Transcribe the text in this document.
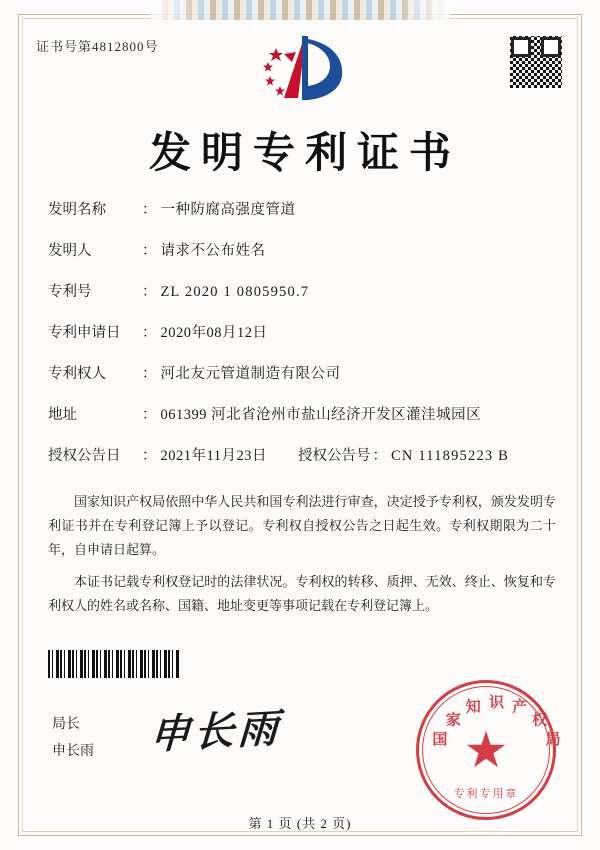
证书号第4812800号
发明专利证书
发明名称	： 一种防腐高强度管道
发明人	： 请求不公布姓名
专利号	： ZL 2020 1 0805950.7
专利申请日	： 2020年08月12日
专利权人	： 河北友元管道制造有限公司
地址	： 061399 河北省沧州市盐山经济开发区灌洼城园区
授权公告日	： 2021年11月23日	授权公告号 ： CN 111895223 B

国家知识产权局依照中华人民共和国专利法进行审查，决定授予专利权，颁发发明专利证书并在专利登记簿上予以登记。专利权自授权公告之日起生效。专利权期限为二十年，自申请日起算。

本证书记载专利权登记时的法律状况。专利权的转移、质押、无效、终止、恢复和专利权人的姓名或名称、国籍、地址变更等事项记载在专利登记簿上。

局长
申长雨 申长雨	国
家
知 识 产
权
局
★
专利专用章
第 1 页 (共 2 页)
